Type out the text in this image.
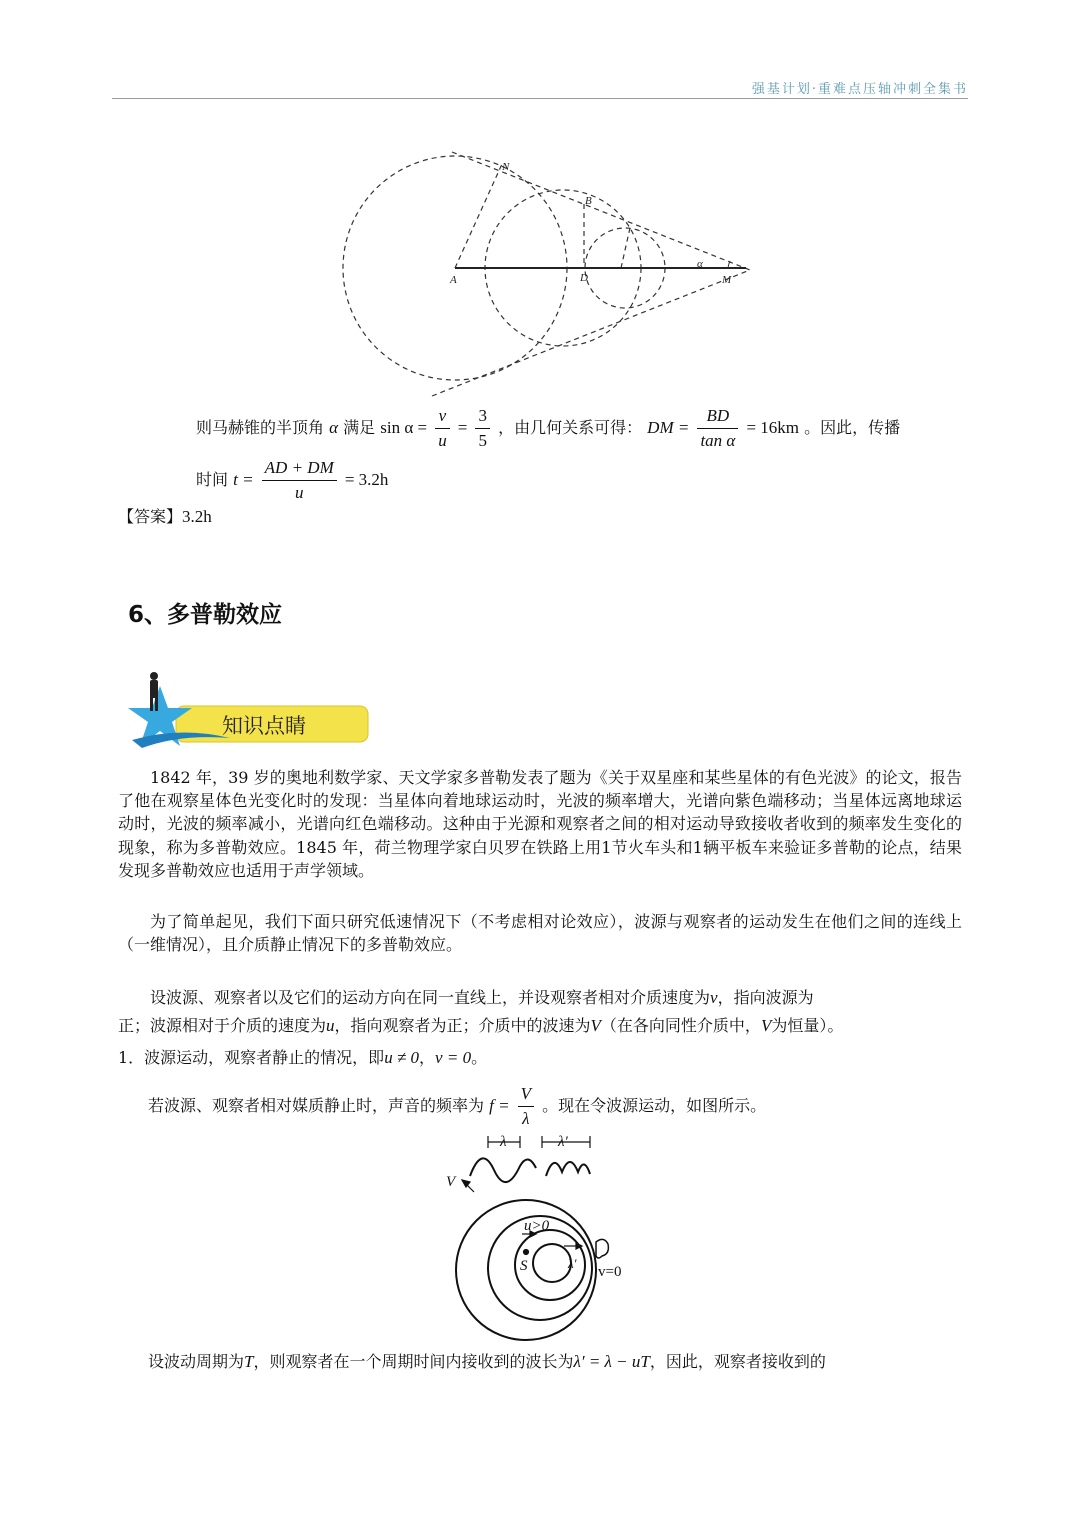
强基计划·重难点压轴冲刺全集书
N
B
A	D	M
α
则马赫锥的半顶角 α 满足 $\sin \alpha = \frac{v}{u} = \frac{3}{5}$ ，由几何关系可得： DM = $\frac{BD}{\text{tan α}} = 16km$ 。因此，传播
时间 $t = \frac{AD + DM}{u} = 3.2h$
【答案】3.2h
6、多普勒效应
知识点睛
1842 年，39 岁的奥地利数学家、天文学家多普勒发表了题为《关于双星座和某些星体的有色光波》的论文，报告了他在观察星体色光变化时的发现：当星体向着地球运动时，光波的频率增大，光谱向紫色端移动；当星体远离地球运动时，光波的频率减小，光谱向红色端移动。这种由于光源和观察者之间的相对运动导致接收者收到的频率发生变化的现象，称为多普勒效应。1845 年，荷兰物理学家白贝罗在铁路上用1节火车头和1辆平板车来验证多普勒的论点，结果发现多普勒效应也适用于声学领域。
为了简单起见，我们下面只研究低速情况下（不考虑相对论效应），波源与观察者的运动发生在他们之间的连线上（一维情况），且介质静止情况下的多普勒效应。
设波源、观察者以及它们的运动方向在同一直线上，并设观察者相对介质速度为v，指向波源为
正；波源相对于介质的速度为u，指向观察者为正；介质中的波速为V（在各向同性介质中，V为恒量）。
1．波源运动，观察者静止的情况，即u ≠ 0，v = 0。
若波源、观察者相对媒质静止时，声音的频率为 $f = \frac{V}{\lambda}$ 。现在令波源运动，如图所示。
λ	λ′
V
u>0
S	λ′
v=0
设波动周期为T，则观察者在一个周期时间内接收到的波长为λ′ = λ − uT，因此，观察者接收到的
